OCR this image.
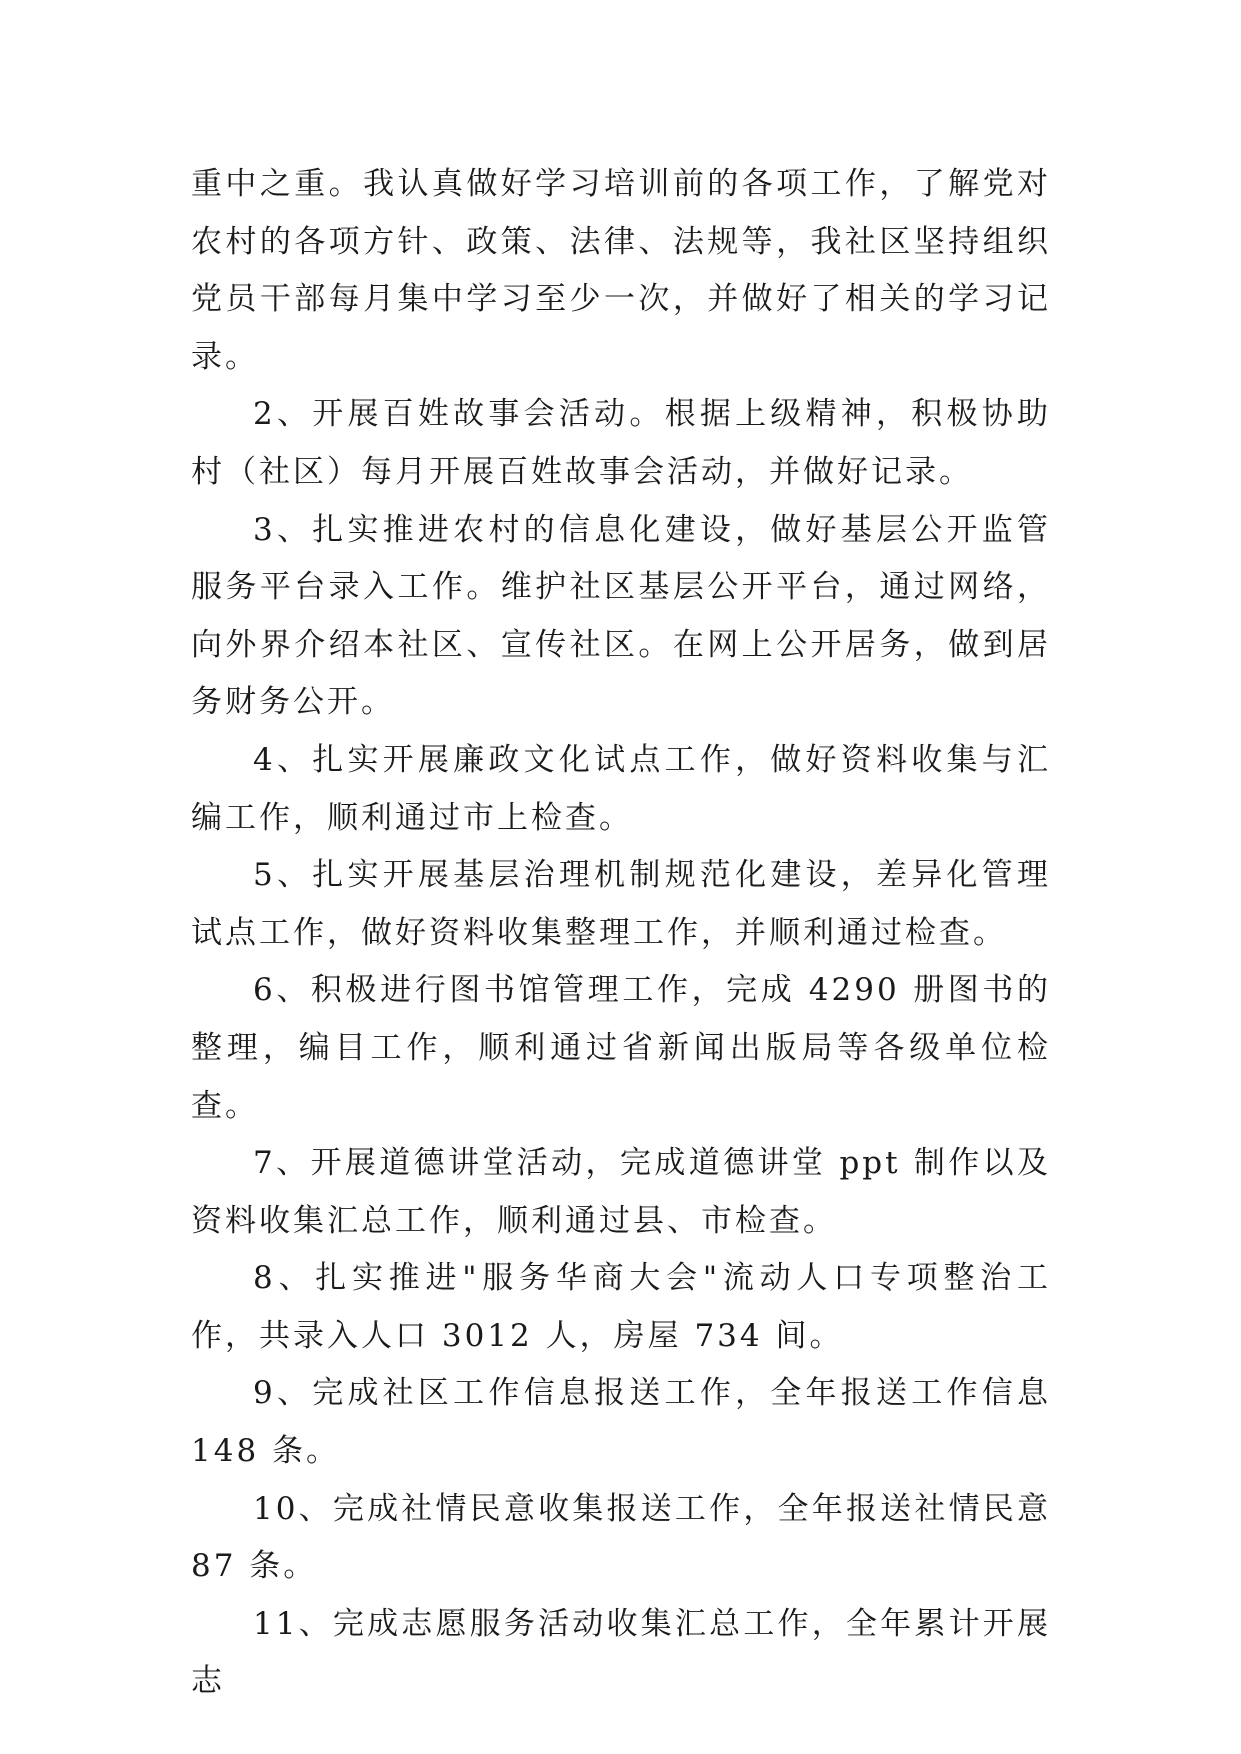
重中之重。我认真做好学习培训前的各项工作，了解党对农村的各项方针、政策、法律、法规等，我社区坚持组织党员干部每月集中学习至少一次，并做好了相关的学习记录。

2、开展百姓故事会活动。根据上级精神，积极协助村（社区）每月开展百姓故事会活动，并做好记录。

3、扎实推进农村的信息化建设，做好基层公开监管服务平台录入工作。维护社区基层公开平台，通过网络，向外界介绍本社区、宣传社区。在网上公开居务，做到居务财务公开。

4、扎实开展廉政文化试点工作，做好资料收集与汇编工作，顺利通过市上检查。

5、扎实开展基层治理机制规范化建设，差异化管理试点工作，做好资料收集整理工作，并顺利通过检查。

6、积极进行图书馆管理工作，完成 4290 册图书的整理，编目工作，顺利通过省新闻出版局等各级单位检查。

7、开展道德讲堂活动，完成道德讲堂 ppt 制作以及资料收集汇总工作，顺利通过县、市检查。

8、扎实推进"服务华商大会"流动人口专项整治工作，共录入人口 3012 人，房屋 734 间。

9、完成社区工作信息报送工作，全年报送工作信息 148 条。

10、完成社情民意收集报送工作，全年报送社情民意 87 条。

11、完成志愿服务活动收集汇总工作，全年累计开展志
